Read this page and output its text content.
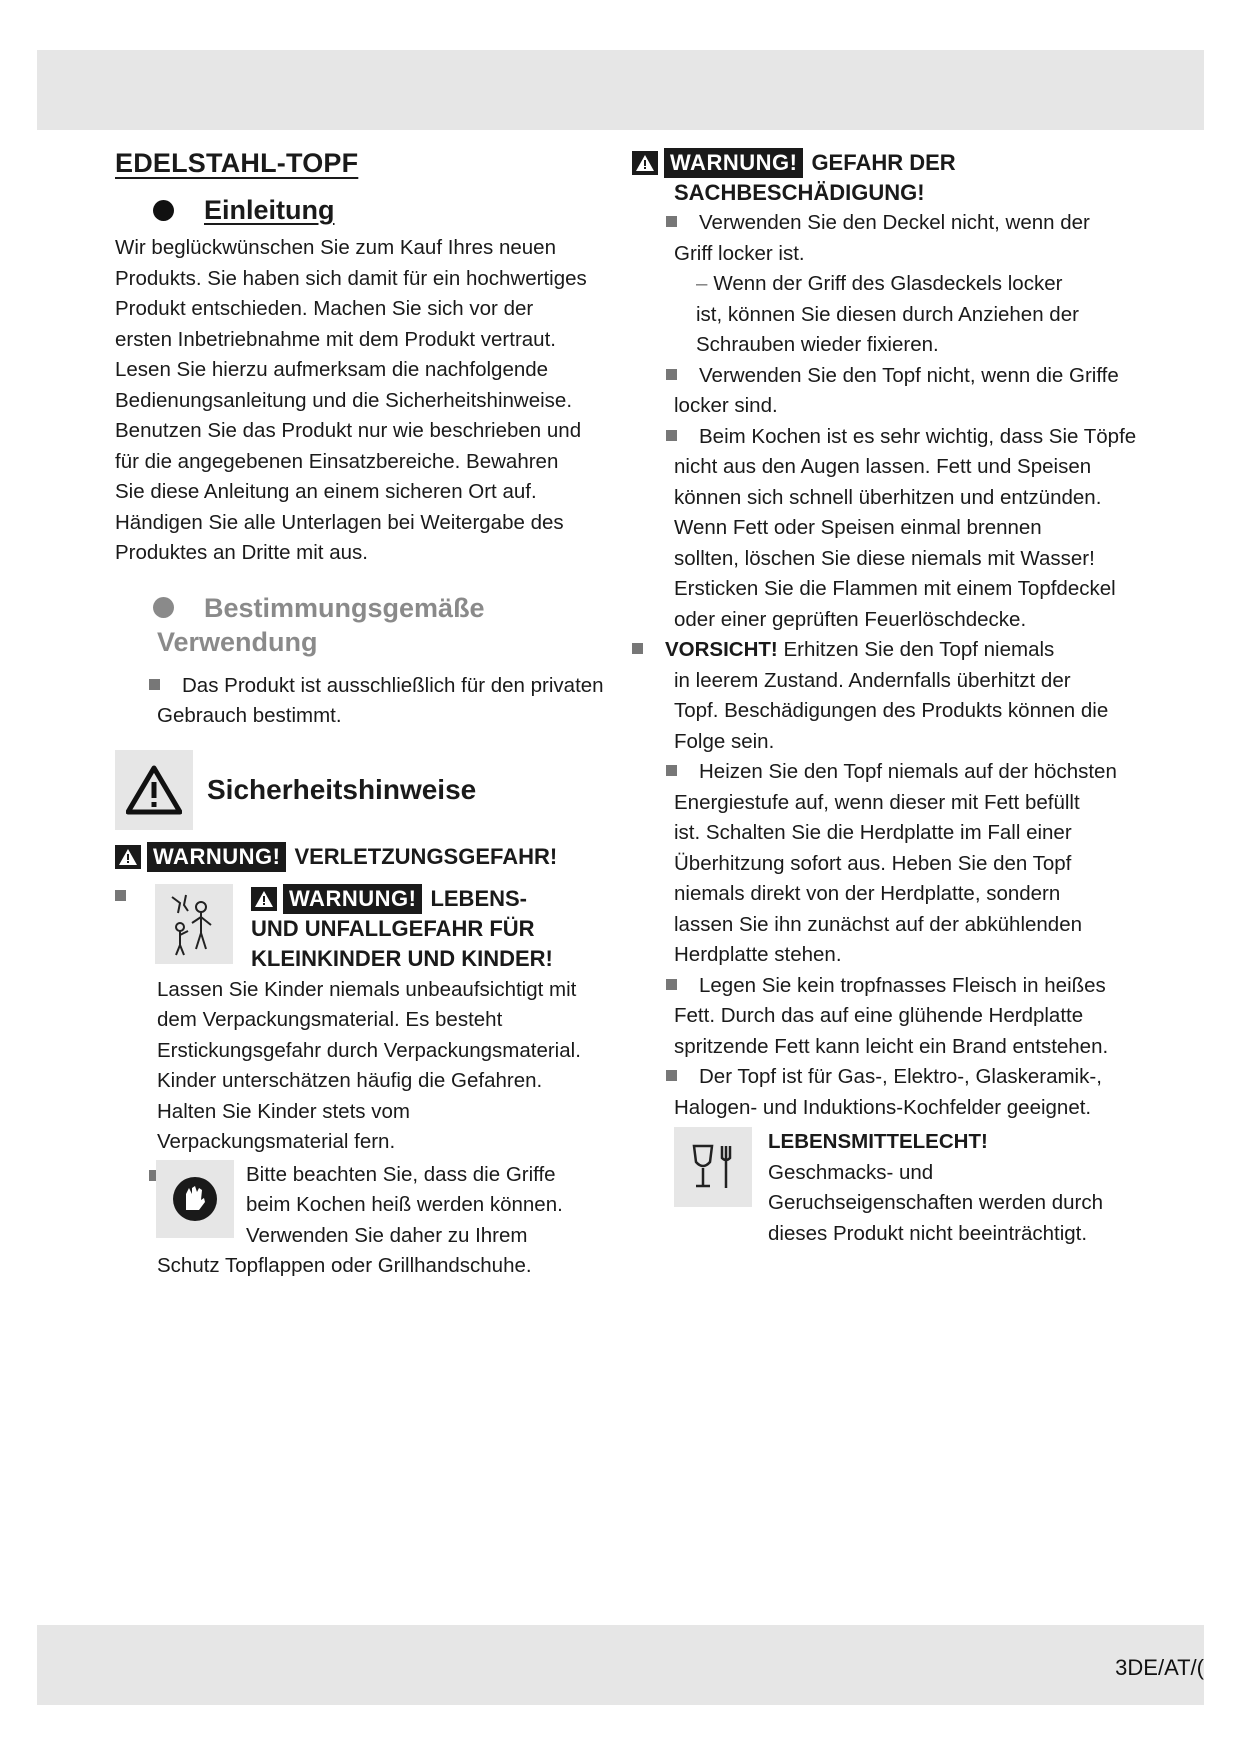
EDELSTAHL-TOPF
Einleitung

Wir beglückwünschen Sie zum Kauf Ihres neuen

Produkts. Sie haben sich damit für ein hochwertiges

Produkt entschieden. Machen Sie sich vor der

ersten Inbetriebnahme mit dem Produkt vertraut.

Lesen Sie hierzu aufmerksam die nachfolgende

Bedienungsanleitung und die Sicherheitshinweise.

Benutzen Sie das Produkt nur wie beschrieben und

für die angegebenen Einsatzbereiche. Bewahren

Sie diese Anleitung an einem sicheren Ort auf.

Händigen Sie alle Unterlagen bei Weitergabe des

Produktes an Dritte mit aus.

Bestimmungsgemäße
Verwendung

Das Produkt ist ausschließlich für den privaten

Gebrauch bestimmt.

Sicherheitshinweise
WARNUNG! VERLETZUNGSGEFAHR!
WARNUNG! LEBENS-
UND UNFALLGEFAHR FÜR
KLEINKINDER UND KINDER!

Lassen Sie Kinder niemals unbeaufsichtigt mit

dem Verpackungsmaterial. Es besteht

Erstickungsgefahr durch Verpackungsmaterial.

Kinder unterschätzen häufig die Gefahren.

Halten Sie Kinder stets vom

Verpackungsmaterial fern.

Bitte beachten Sie, dass die Griffe

beim Kochen heiß werden können.

Verwenden Sie daher zu Ihrem

Schutz Topflappen oder Grillhandschuhe.

WARNUNG! GEFAHR DER
SACHBESCHÄDIGUNG!
Verwenden Sie den Deckel nicht, wenn der
Griff locker ist.
– Wenn der Griff des Glasdeckels locker
ist, können Sie diesen durch Anziehen der
Schrauben wieder fixieren.
Verwenden Sie den Topf nicht, wenn die Griffe
locker sind.
Beim Kochen ist es sehr wichtig, dass Sie Töpfe
nicht aus den Augen lassen. Fett und Speisen
können sich schnell überhitzen und entzünden.
Wenn Fett oder Speisen einmal brennen
sollten, löschen Sie diese niemals mit Wasser!
Ersticken Sie die Flammen mit einem Topfdeckel
oder einer geprüften Feuerlöschdecke.
VORSICHT! Erhitzen Sie den Topf niemals
in leerem Zustand. Andernfalls überhitzt der
Topf. Beschädigungen des Produkts können die
Folge sein.
Heizen Sie den Topf niemals auf der höchsten
Energiestufe auf, wenn dieser mit Fett befüllt
ist. Schalten Sie die Herdplatte im Fall einer
Überhitzung sofort aus. Heben Sie den Topf
niemals direkt von der Herdplatte, sondern
lassen Sie ihn zunächst auf der abkühlenden
Herdplatte stehen.
Legen Sie kein tropfnasses Fleisch in heißes
Fett. Durch das auf eine glühende Herdplatte
spritzende Fett kann leicht ein Brand entstehen.
Der Topf ist für Gas-, Elektro-, Glaskeramik-,
Halogen- und Induktions-Kochfelder geeignet.
LEBENSMITTELECHT!
Geschmacks- und
Geruchseigenschaften werden durch
dieses Produkt nicht beeinträchtigt.
3DE/AT/(
